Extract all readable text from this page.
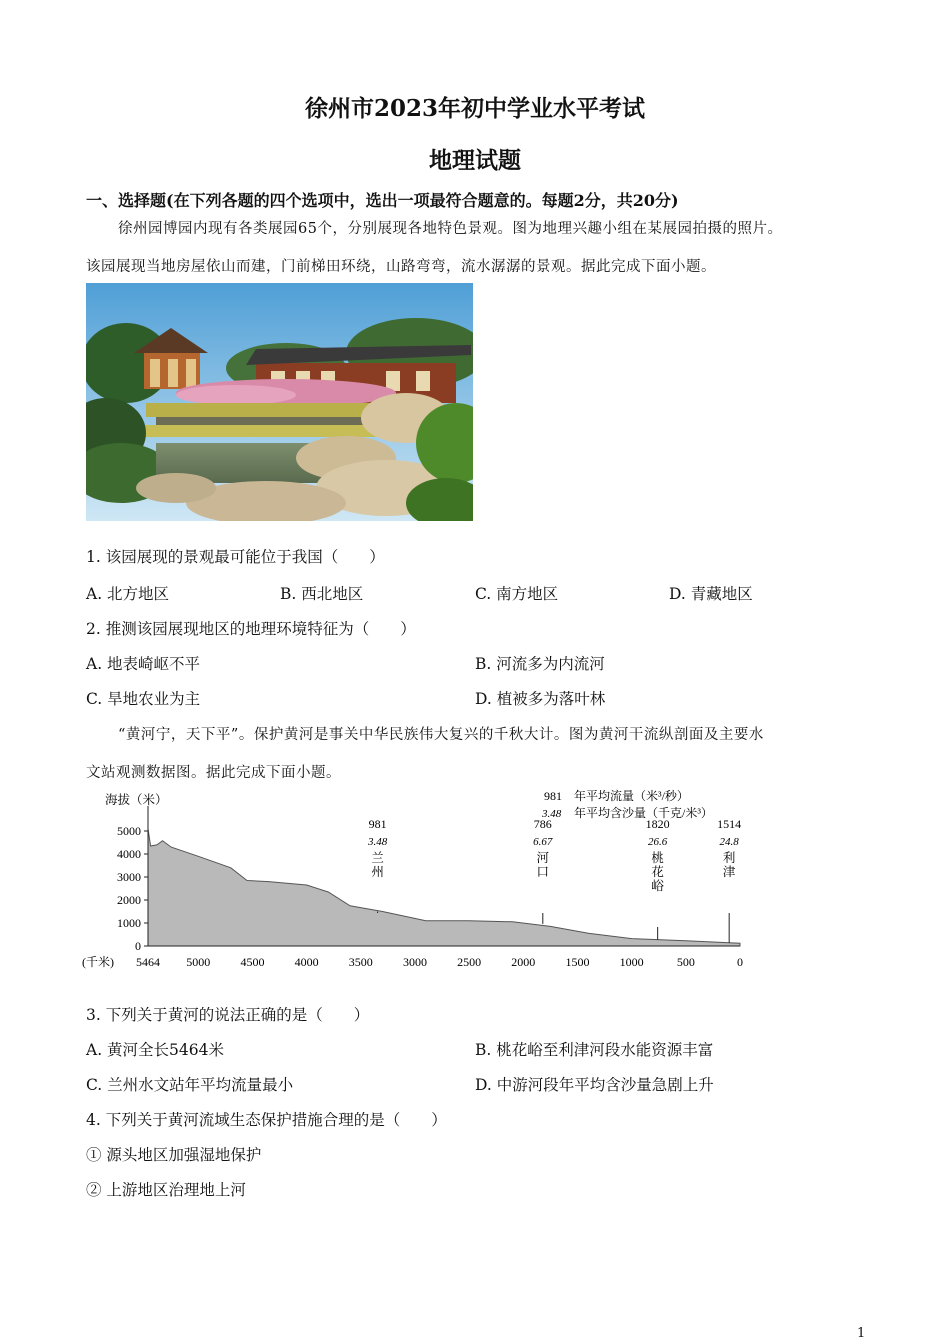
徐州市2023年初中学业水平考试
地理试题
一、选择题(在下列各题的四个选项中，选出一项最符合题意的。每题2分，共20分)
徐州园博园内现有各类展园65个，分别展现各地特色景观。图为地理兴趣小组在某展园拍摄的照片。
该园展现当地房屋依山而建，门前梯田环绕，山路弯弯，流水潺潺的景观。据此完成下面小题。
1. 该园展现的景观最可能位于我国（　　）
A. 北方地区	B. 西北地区	C. 南方地区	D. 青藏地区
2. 推测该园展现地区的地理环境特征为（　　）
A. 地表崎岖不平	B. 河流多为内流河
C. 旱地农业为主	D. 植被多为落叶林
“黄河宁，天下平”。保护黄河是事关中华民族伟大复兴的千秋大计。图为黄河干流纵剖面及主要水
文站观测数据图。据此完成下面小题。
海拔（米）
(千米)
981 年平均流量（米³/秒）
3.48 年平均含沙量（千克/米³）
5000
4000
3000
2000
1000
0
5464 5000	4500	4000	3500	3000	2500	2000	1500	1000	500	0
981
3.48
兰
州
786
6.67
河
口
1820
26.6
桃
花
峪
1514
24.8
利
津
3. 下列关于黄河的说法正确的是（　　）
A. 黄河全长5464米	B. 桃花峪至利津河段水能资源丰富
C. 兰州水文站年平均流量最小	D. 中游河段年平均含沙量急剧上升
4. 下列关于黄河流域生态保护措施合理的是（　　）
① 源头地区加强湿地保护
② 上游地区治理地上河
1
